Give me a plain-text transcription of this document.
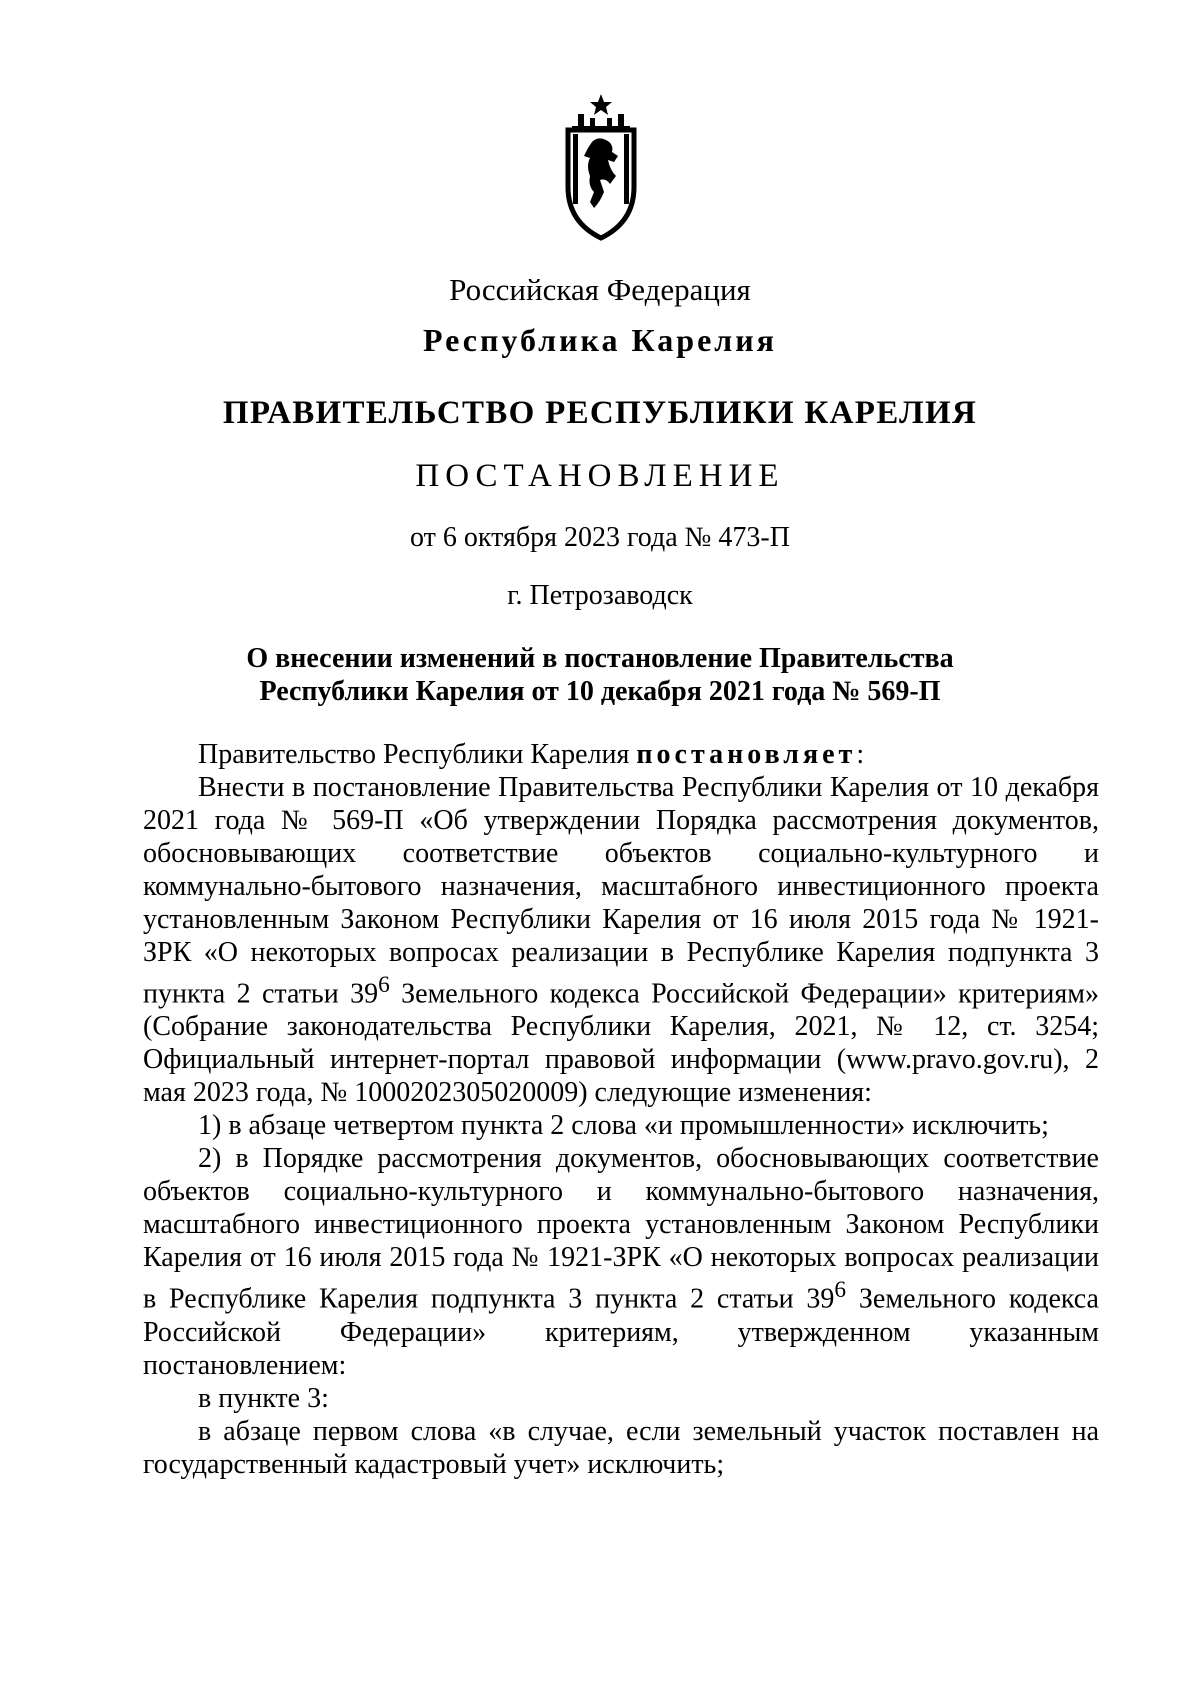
Российская Федерация
Республика Карелия
ПРАВИТЕЛЬСТВО РЕСПУБЛИКИ КАРЕЛИЯ
ПОСТАНОВЛЕНИЕ
от 6 октября 2023 года № 473-П
г. Петрозаводск
О внесении изменений в постановление Правительства
Республики Карелия от 10 декабря 2021 года № 569-П

Правительство Республики Карелия постановляет:

Внести в постановление Правительства Республики Карелия от 10 декабря 2021 года № 569-П «Об утверждении Порядка рассмотрения документов, обосновывающих соответствие объектов социально-культурного и коммунально-бытового назначения, масштабного инвестиционного проекта установленным Законом Республики Карелия от 16 июля 2015 года № 1921-ЗРК «О некоторых вопросах реализации в Республике Карелия подпункта 3 пункта 2 статьи $39^6$ Земельного кодекса Российской Федерации» критериям» (Собрание законодательства Республики Карелия, 2021, № 12, ст. 3254; Официальный интернет-портал правовой информации (www.pravo.gov.ru), 2 мая 2023 года, № 1000202305020009) следующие изменения:

1) в абзаце четвертом пункта 2 слова «и промышленности» исключить;

2) в Порядке рассмотрения документов, обосновывающих соответствие объектов социально-культурного и коммунально-бытового назначения, масштабного инвестиционного проекта установленным Законом Республики Карелия от 16 июля 2015 года № 1921-ЗРК «О некоторых вопросах реализации в Республике Карелия подпункта 3 пункта 2 статьи $39^6$ Земельного кодекса Российской Федерации» критериям, утвержденном указанным постановлением:

в пункте 3:

в абзаце первом слова «в случае, если земельный участок поставлен на государственный кадастровый учет» исключить;
